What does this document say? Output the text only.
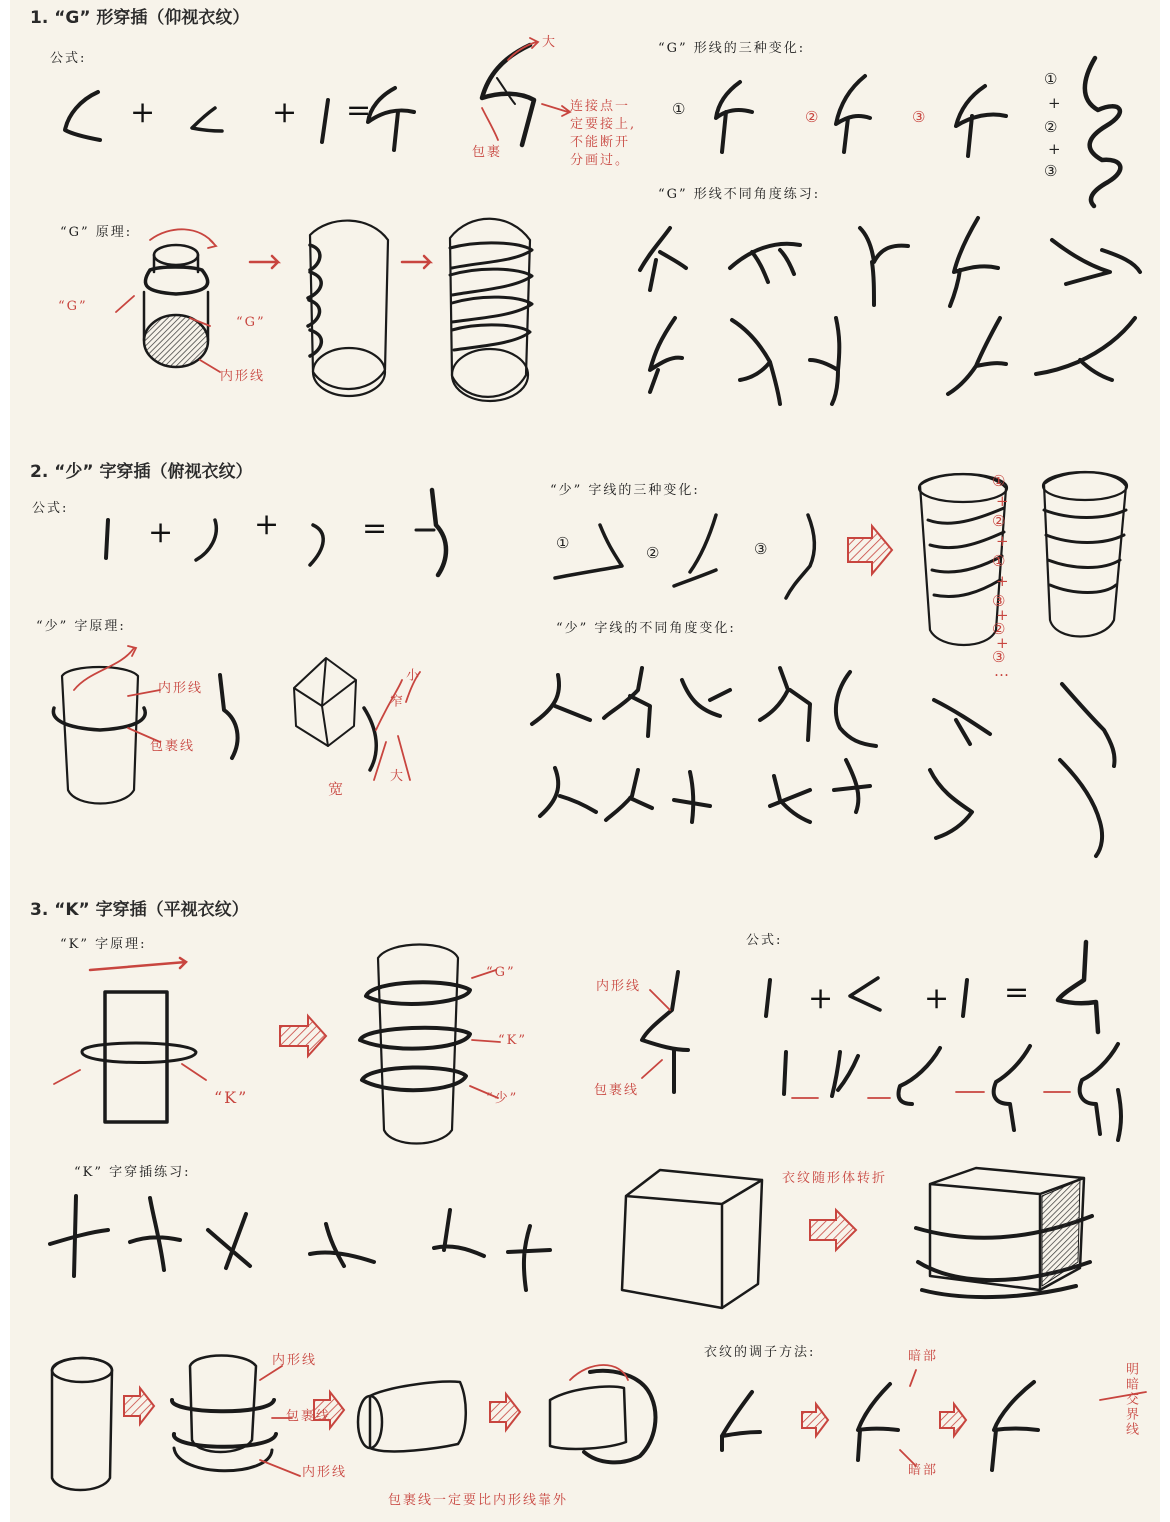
1. “G” 形穿插（仰视衣纹）
公式:
+	+ =
大
连接点一
定要接上,
不能断开
分画过。
包裹
“G” 形线的三种变化:
①	②	③
①
+
②
+
③
“G” 形线不同角度练习:
“G” 原理:
“G”
“G”
内形线
2. “少” 字穿插（俯视衣纹）
公式:
+	+	=
“少” 字线的三种变化:
①
②	③
①
+
②
+
①
+
③
+
②
+
③
…
“少” 字原理:
内形线
包裹线
窄
小
宽
大
“少” 字线的不同角度变化:
3. “K” 字穿插（平视衣纹）
“K” 字原理:
“K”
“G”
“K”
“少”
内形线
包裹线
公式:
+	+ =
“K” 字穿插练习:	衣纹随形体转折
内形线
包裹线
内形线
衣纹的调子方法:	暗部
暗部
明暗交界线
包裹线一定要比内形线靠外
